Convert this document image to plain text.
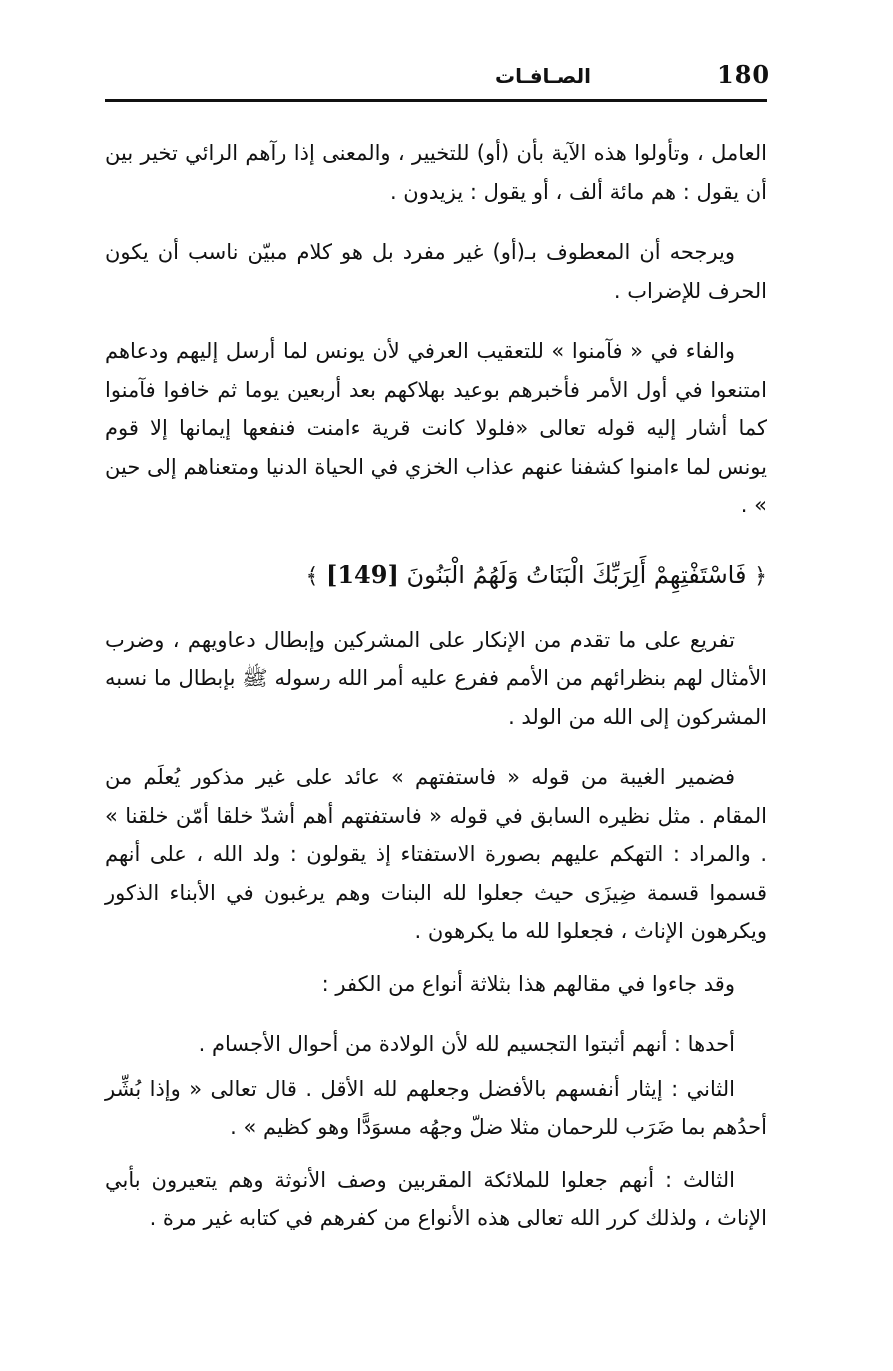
180
الصـافـات

العامل ، وتأولوا هذه الآية بأن (أو) للتخيير ، والمعنى إذا رآهم الرائي تخير بين أن يقول : هم مائة ألف ، أو يقول : يزيدون .

ويرجحه أن المعطوف بـ(أو) غير مفرد بل هو كلام مبيّن ناسب أن يكون الحرف للإضراب .

والفاء في « فآمنوا » للتعقيب العرفي لأن يونس لما أرسل إليهم ودعاهم امتنعوا في أول الأمر فأخبرهم بوعيد بهلاكهم بعد أربعين يوما ثم خافوا فآمنوا كما أشار إليه قوله تعالى «فلولا كانت قرية ءامنت فنفعها إيمانها إلا قوم يونس لما ءامنوا كشفنا عنهم عذاب الخزي في الحياة الدنيا ومتعناهم إلى حين » .

﴿ فَاسْتَفْتِهِمْ أَلِرَبِّكَ الْبَنَاتُ وَلَهُمُ الْبَنُونَ [149] ﴾

تفريع على ما تقدم من الإنكار على المشركين وإبطال دعاويهم ، وضرب الأمثال لهم بنظرائهم من الأمم ففرع عليه أمر الله رسوله ﷺ بإبطال ما نسبه المشركون إلى الله من الولد .

فضمير الغيبة من قوله « فاستفتهم » عائد على غير مذكور يُعلَم من المقام . مثل نظيره السابق في قوله « فاستفتهم أهم أشدّ خلقا أمّن خلقنا » . والمراد : التهكم عليهم بصورة الاستفتاء إذ يقولون : ولد الله ، على أنهم قسموا قسمة ضِيزَى حيث جعلوا لله البنات وهم يرغبون في الأبناء الذكور ويكرهون الإناث ، فجعلوا لله ما يكرهون .

وقد جاءوا في مقالهم هذا بثلاثة أنواع من الكفر :

أحدها : أنهم أثبتوا التجسيم لله لأن الولادة من أحوال الأجسام .

الثاني : إيثار أنفسهم بالأفضل وجعلهم لله الأقل . قال تعالى « وإذا بُشِّر أحدُهم بما ضَرَب للرحمان مثلا ضلّ وجهُه مسوَدًّا وهو كظيم » .

الثالث : أنهم جعلوا للملائكة المقربين وصف الأنوثة وهم يتعيرون بأبي الإناث ، ولذلك كرر الله تعالى هذه الأنواع من كفرهم في كتابه غير مرة .
